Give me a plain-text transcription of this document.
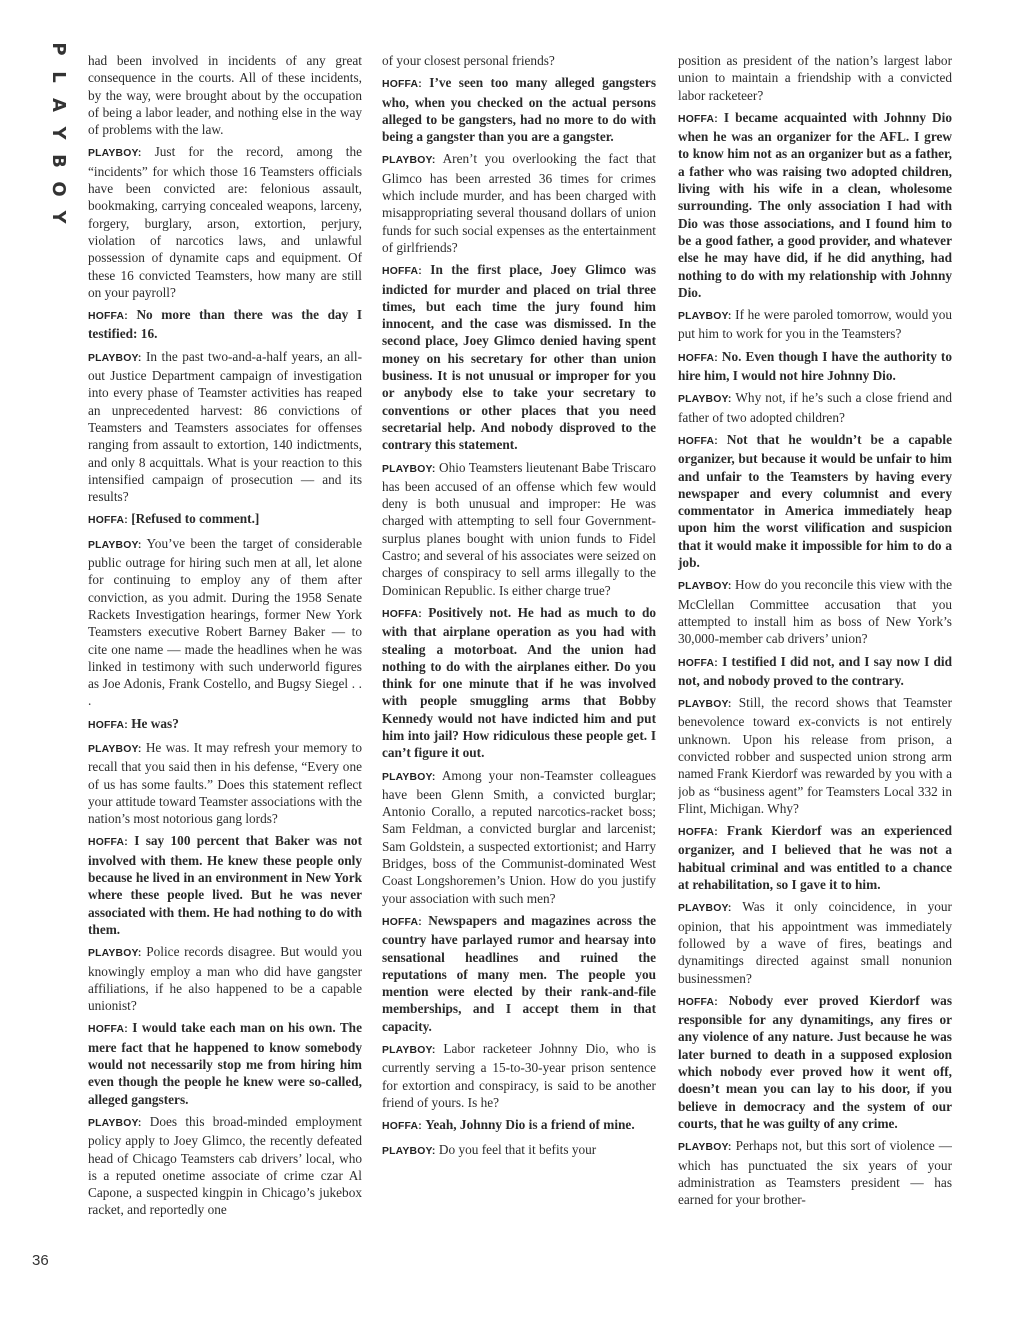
P
L
A
Y
B
O
Y

had been involved in incidents of any great consequence in the courts. All of these incidents, by the way, were brought about by the occupation of being a labor leader, and nothing else in the way of problems with the law.

PLAYBOY: Just for the record, among the “incidents” for which those 16 Teamsters officials have been convicted are: felonious assault, bookmaking, carrying concealed weapons, larceny, forgery, burglary, arson, extortion, perjury, violation of narcotics laws, and unlawful possession of dynamite caps and equipment. Of these 16 convicted Teamsters, how many are still on your payroll?

HOFFA: No more than there was the day I testified: 16.

PLAYBOY: In the past two-and-a-half years, an all-out Justice Department campaign of investigation into every phase of Teamster activities has reaped an unprecedented harvest: 86 convictions of Teamsters and Teamsters associates for offenses ranging from assault to extortion, 140 indictments, and only 8 acquittals. What is your reaction to this intensified campaign of prosecution — and its results?

HOFFA: [Refused to comment.]

PLAYBOY: You’ve been the target of considerable public outrage for hiring such men at all, let alone for continuing to employ any of them after conviction, as you admit. During the 1958 Senate Rackets Investigation hearings, former New York Teamsters executive Robert Barney Baker — to cite one name — made the headlines when he was linked in testimony with such underworld figures as Joe Adonis, Frank Costello, and Bugsy Siegel . . .

HOFFA: He was?

PLAYBOY: He was. It may refresh your memory to recall that you said then in his defense, “Every one of us has some faults.” Does this statement reflect your attitude toward Teamster associations with the nation’s most notorious gang lords?

HOFFA: I say 100 percent that Baker was not involved with them. He knew these people only because he lived in an environment in New York where these people lived. But he was never associated with them. He had nothing to do with them.

PLAYBOY: Police records disagree. But would you knowingly employ a man who did have gangster affiliations, if he also happened to be a capable unionist?

HOFFA: I would take each man on his own. The mere fact that he happened to know somebody would not necessarily stop me from hiring him even though the people he knew were so-called, alleged gangsters.

PLAYBOY: Does this broad-minded employment policy apply to Joey Glimco, the recently defeated head of Chicago Teamsters cab drivers’ local, who is a reputed onetime associate of crime czar Al Capone, a suspected kingpin in Chicago’s jukebox racket, and reportedly one

of your closest personal friends?

HOFFA: I’ve seen too many alleged gangsters who, when you checked on the actual persons alleged to be gangsters, had no more to do with being a gangster than you are a gangster.

PLAYBOY: Aren’t you overlooking the fact that Glimco has been arrested 36 times for crimes which include murder, and has been charged with misappropriating several thousand dollars of union funds for such social expenses as the entertainment of girlfriends?

HOFFA: In the first place, Joey Glimco was indicted for murder and placed on trial three times, but each time the jury found him innocent, and the case was dismissed. In the second place, Joey Glimco denied having spent money on his secretary for other than union business. It is not unusual or improper for you or anybody else to take your secretary to conventions or other places that you need secretarial help. And nobody disproved to the contrary this statement.

PLAYBOY: Ohio Teamsters lieutenant Babe Triscaro has been accused of an offense which few would deny is both unusual and improper: He was charged with attempting to sell four Government-surplus planes bought with union funds to Fidel Castro; and several of his associates were seized on charges of conspiracy to sell arms illegally to the Dominican Republic. Is either charge true?

HOFFA: Positively not. He had as much to do with that airplane operation as you had with stealing a motorboat. And the union had nothing to do with the airplanes either. Do you think for one minute that if he was involved with people smuggling arms that Bobby Kennedy would not have indicted him and put him into jail? How ridiculous these people get. I can’t figure it out.

PLAYBOY: Among your non-Teamster colleagues have been Glenn Smith, a convicted burglar; Antonio Corallo, a reputed narcotics-racket boss; Sam Feldman, a convicted burglar and larcenist; Sam Goldstein, a suspected extortionist; and Harry Bridges, boss of the Communist-dominated West Coast Longshoremen’s Union. How do you justify your association with such men?

HOFFA: Newspapers and magazines across the country have parlayed rumor and hearsay into sensational headlines and ruined the reputations of many men. The people you mention were elected by their rank-and-file memberships, and I accept them in that capacity.

PLAYBOY: Labor racketeer Johnny Dio, who is currently serving a 15-to-30-year prison sentence for extortion and conspiracy, is said to be another friend of yours. Is he?

HOFFA: Yeah, Johnny Dio is a friend of mine.

PLAYBOY: Do you feel that it befits your

position as president of the nation’s largest labor union to maintain a friendship with a convicted labor racketeer?

HOFFA: I became acquainted with Johnny Dio when he was an organizer for the AFL. I grew to know him not as an organizer but as a father, a father who was raising two adopted children, living with his wife in a clean, wholesome surrounding. The only association I had with Dio was those associations, and I found him to be a good father, a good provider, and whatever else he may have did, if he did anything, had nothing to do with my relationship with Johnny Dio.

PLAYBOY: If he were paroled tomorrow, would you put him to work for you in the Teamsters?

HOFFA: No. Even though I have the authority to hire him, I would not hire Johnny Dio.

PLAYBOY: Why not, if he’s such a close friend and father of two adopted children?

HOFFA: Not that he wouldn’t be a capable organizer, but because it would be unfair to him and unfair to the Teamsters by having every newspaper and every columnist and every commentator in America immediately heap upon him the worst vilification and suspicion that it would make it impossible for him to do a job.

PLAYBOY: How do you reconcile this view with the McClellan Committee accusation that you attempted to install him as boss of New York’s 30,000-member cab drivers’ union?

HOFFA: I testified I did not, and I say now I did not, and nobody proved to the contrary.

PLAYBOY: Still, the record shows that Teamster benevolence toward ex-convicts is not entirely unknown. Upon his release from prison, a convicted robber and suspected union strong arm named Frank Kierdorf was rewarded by you with a job as “business agent” for Teamsters Local 332 in Flint, Michigan. Why?

HOFFA: Frank Kierdorf was an experienced organizer, and I believed that he was not a habitual criminal and was entitled to a chance at rehabilitation, so I gave it to him.

PLAYBOY: Was it only coincidence, in your opinion, that his appointment was immediately followed by a wave of fires, beatings and dynamitings directed against small nonunion businessmen?

HOFFA: Nobody ever proved Kierdorf was responsible for any dynamitings, any fires or any violence of any nature. Just because he was later burned to death in a supposed explosion which nobody ever proved how it went off, doesn’t mean you can lay to his door, if you believe in democracy and the system of our courts, that he was guilty of any crime.

PLAYBOY: Perhaps not, but this sort of violence — which has punctuated the six years of your administration as Teamsters president — has earned for your brother-

36
